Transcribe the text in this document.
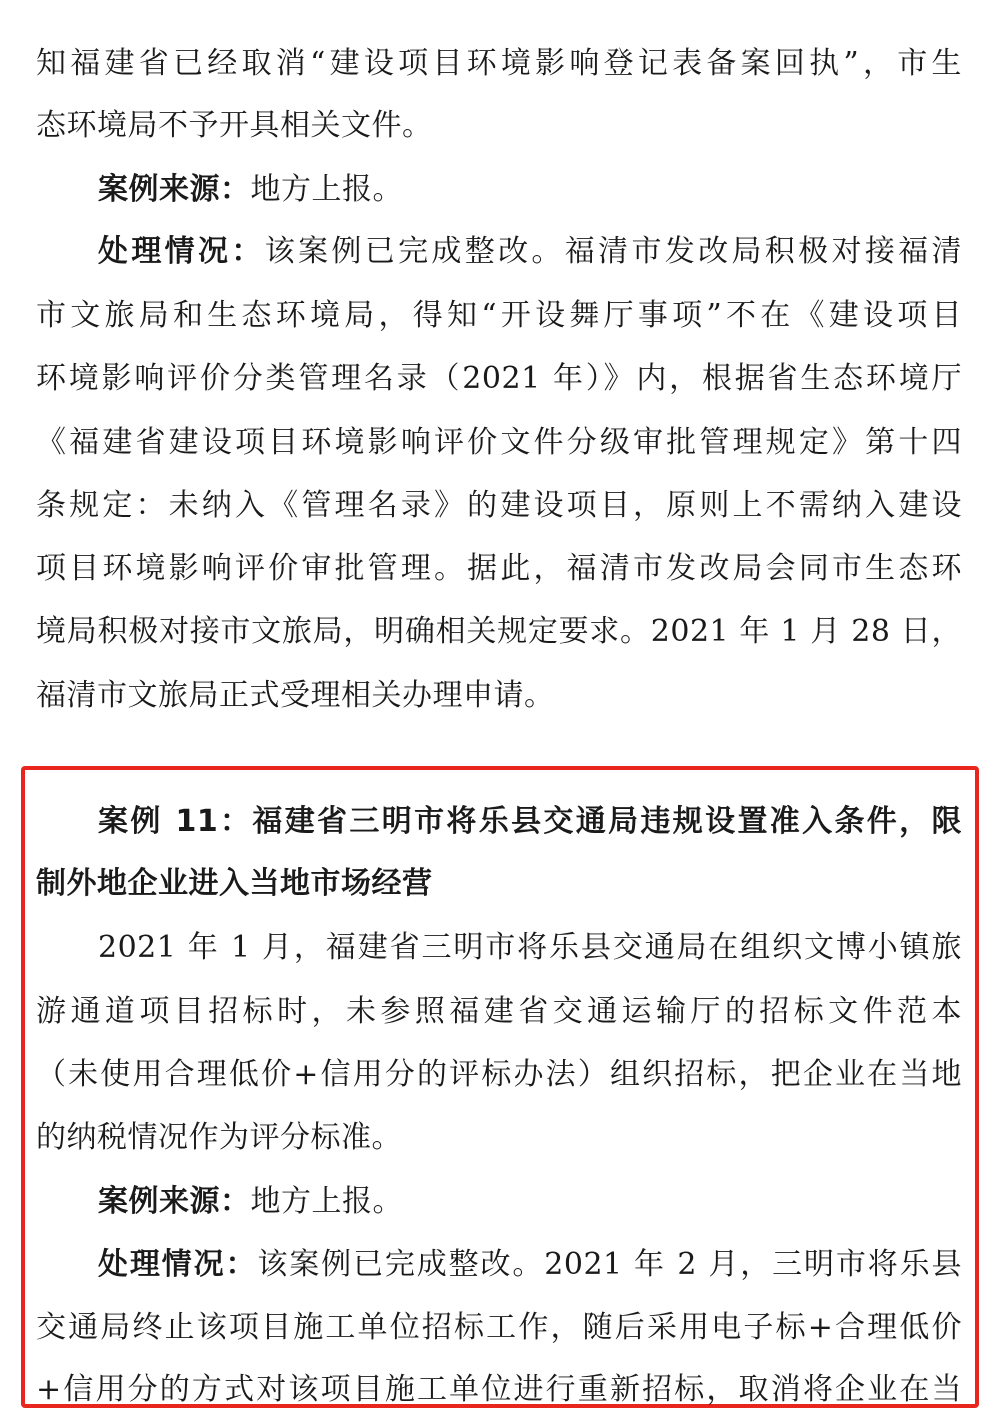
知福建省已经取消“建设项目环境影响登记表备案回执”，市生
态环境局不予开具相关文件。
案例来源：地方上报。
处理情况：该案例已完成整改。福清市发改局积极对接福清
市文旅局和生态环境局，得知“开设舞厅事项”不在《建设项目
环境影响评价分类管理名录（2021 年）》内，根据省生态环境厅
《福建省建设项目环境影响评价文件分级审批管理规定》第十四
条规定：未纳入《管理名录》的建设项目，原则上不需纳入建设
项目环境影响评价审批管理。据此，福清市发改局会同市生态环
境局积极对接市文旅局，明确相关规定要求。2021 年 1 月 28 日，
福清市文旅局正式受理相关办理申请。
案例 11：福建省三明市将乐县交通局违规设置准入条件，限
制外地企业进入当地市场经营
2021 年 1 月，福建省三明市将乐县交通局在组织文博小镇旅
游通道项目招标时，未参照福建省交通运输厅的招标文件范本
（未使用合理低价+信用分的评标办法）组织招标，把企业在当地
的纳税情况作为评分标准。
案例来源：地方上报。
处理情况：该案例已完成整改。2021 年 2 月，三明市将乐县
交通局终止该项目施工单位招标工作，随后采用电子标+合理低价
+信用分的方式对该项目施工单位进行重新招标，取消将企业在当
